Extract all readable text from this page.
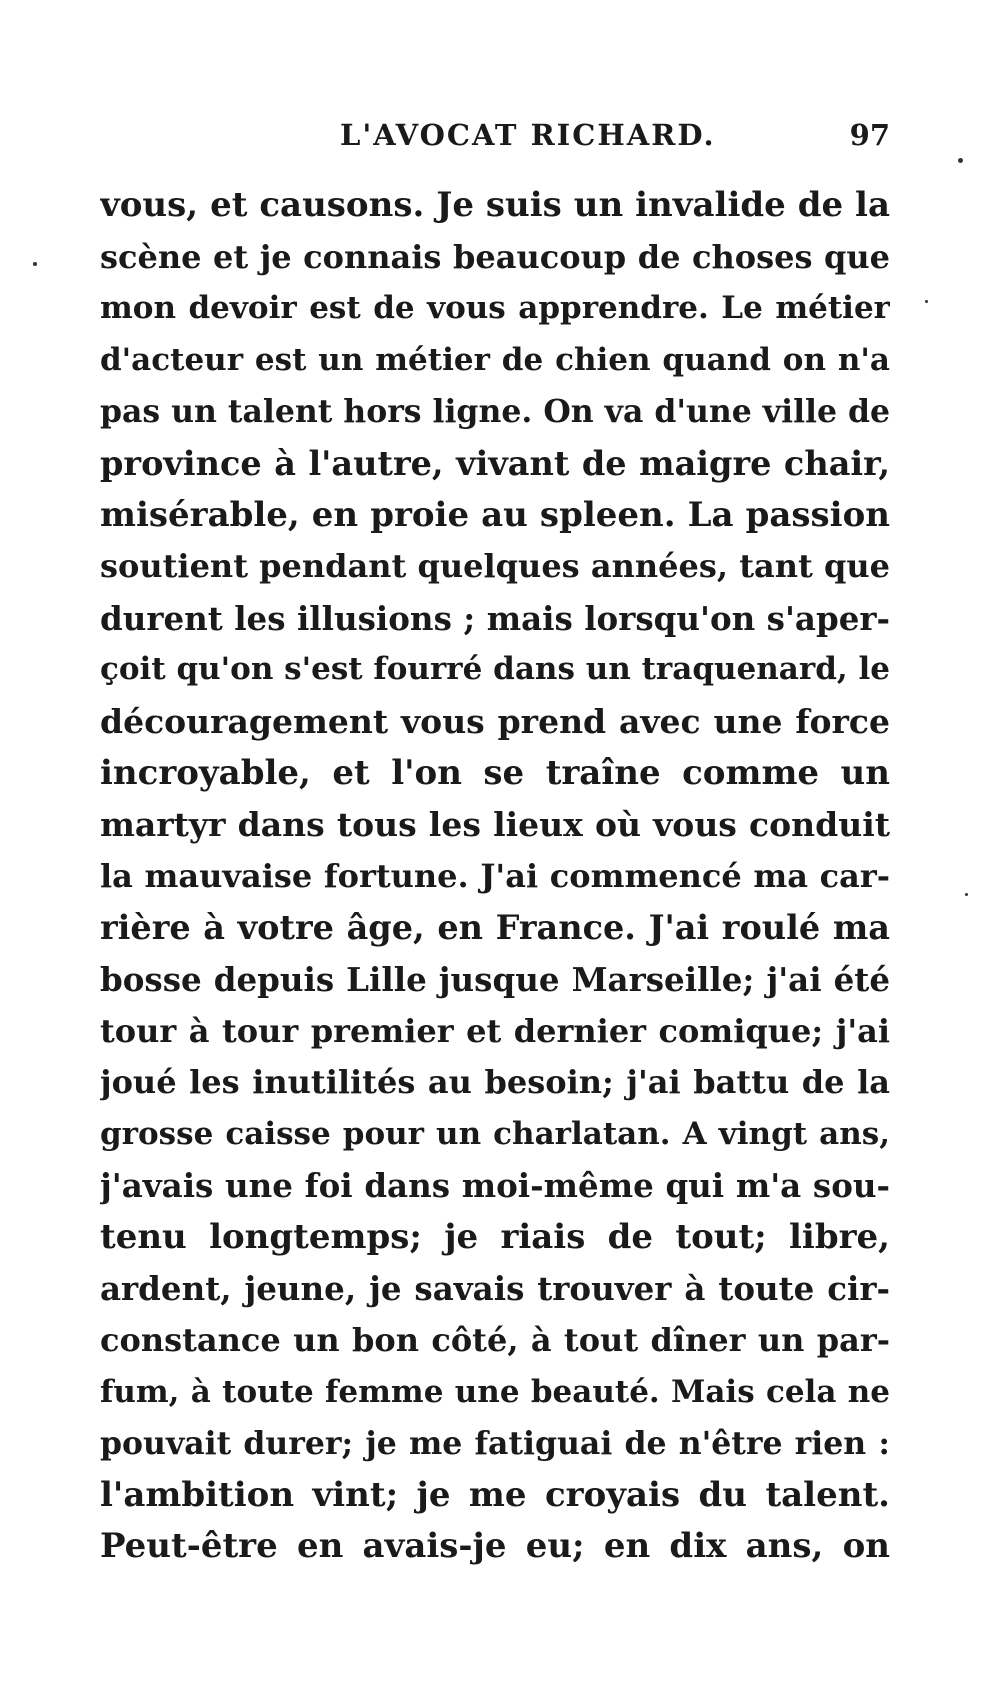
L'AVOCAT RICHARD.	97
vous, et causons. Je suis un invalide de la
scène et je connais beaucoup de choses que
mon devoir est de vous apprendre. Le métier
d'acteur est un métier de chien quand on n'a
pas un talent hors ligne. On va d'une ville de
province à l'autre, vivant de maigre chair,
misérable, en proie au spleen. La passion
soutient pendant quelques années, tant que
durent les illusions ; mais lorsqu'on s'aper-
çoit qu'on s'est fourré dans un traquenard, le
découragement vous prend avec une force
incroyable, et l'on se traîne comme un
martyr dans tous les lieux où vous conduit
la mauvaise fortune. J'ai commencé ma car-
rière à votre âge, en France. J'ai roulé ma
bosse depuis Lille jusque Marseille; j'ai été
tour à tour premier et dernier comique; j'ai
joué les inutilités au besoin; j'ai battu de la
grosse caisse pour un charlatan. A vingt ans,
j'avais une foi dans moi-même qui m'a sou-
tenu longtemps; je riais de tout; libre,
ardent, jeune, je savais trouver à toute cir-
constance un bon côté, à tout dîner un par-
fum, à toute femme une beauté. Mais cela ne
pouvait durer; je me fatiguai de n'être rien :
l'ambition vint; je me croyais du talent.
Peut-être en avais-je eu; en dix ans, on
